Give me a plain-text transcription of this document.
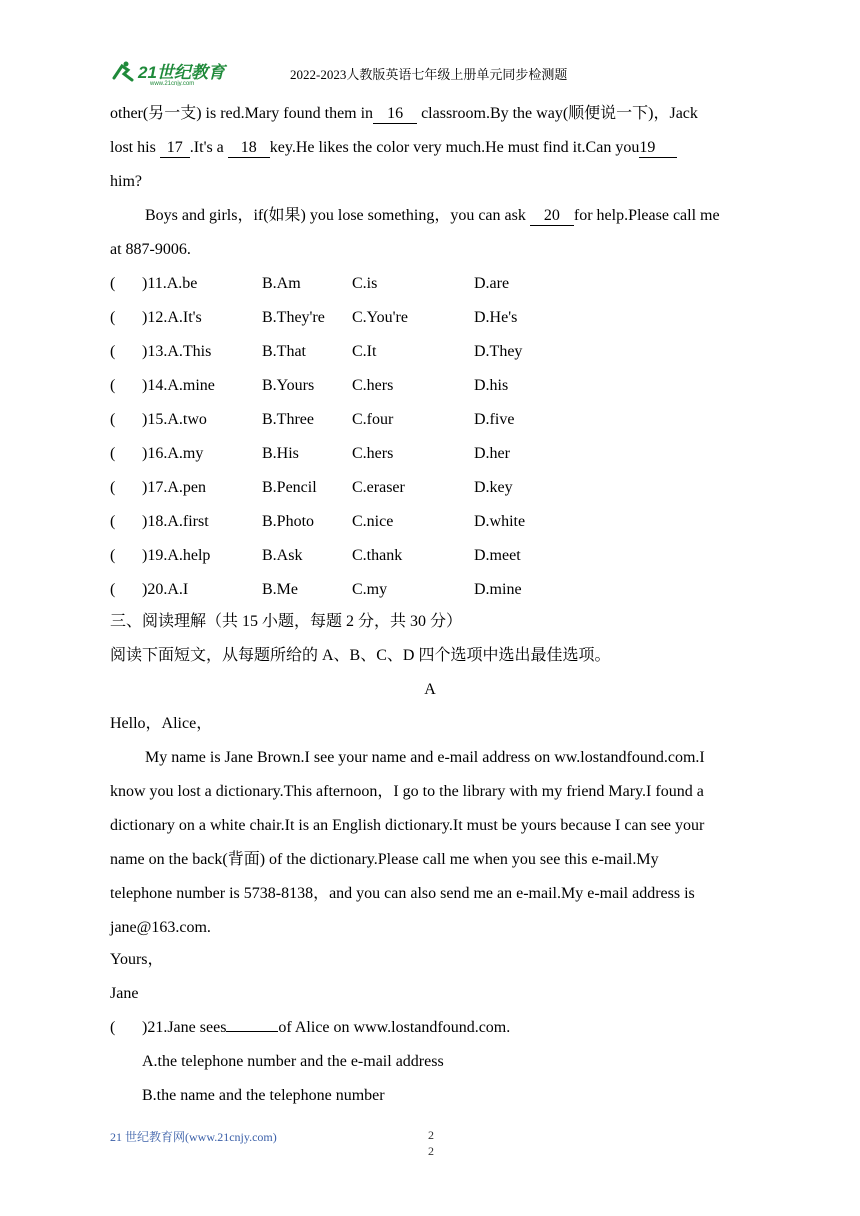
21世纪教育
www.21cnjy.com
2022-2023人教版英语七年级上册单元同步检测题
other(另一支) is red.Mary found them in 16 classroom.By the way(顺便说一下)，Jack
lost his 17 .It's a 18 key.He likes the color very much.He must find it.Can you19
him?
Boys and girls，if(如果) you lose something，you can ask 20 for help.Please call me
at 887-9006.
( )11.A.be	B.Am	C.is	D.are
( )12.A.It's	B.They're C.You're	D.He's
( )13.A.This	B.That	C.It	D.They
( )14.A.mine	B.Yours C.hers	D.his
( )15.A.two	B.Three C.four	D.five
( )16.A.my	B.His	C.hers	D.her
( )17.A.pen	B.Pencil C.eraser	D.key
( )18.A.first	B.Photo C.nice	D.white
( )19.A.help	B.Ask	C.thank	D.meet
( )20.A.I	B.Me	C.my	D.mine
三、阅读理解（共 15 小题，每题 2 分，共 30 分）
阅读下面短文，从每题所给的 A、B、C、D 四个选项中选出最佳选项。
A
Hello，Alice，
My name is Jane Brown.I see your name and e-mail address on ww.lostandfound.com.I
know you lost a dictionary.This afternoon，I go to the library with my friend Mary.I found a
dictionary on a white chair.It is an English dictionary.It must be yours because I can see your
name on the back(背面) of the dictionary.Please call me when you see this e-mail.My
telephone number is 5738-8138，and you can also send me an e-mail.My e-mail address is
jane@163.com.
Yours，
Jane
( )21.Jane sees	of Alice on www.lostandfound.com.
A.the telephone number and the e-mail address
B.the name and the telephone number
21 世纪教育网(www.21cnjy.com)	2
2
